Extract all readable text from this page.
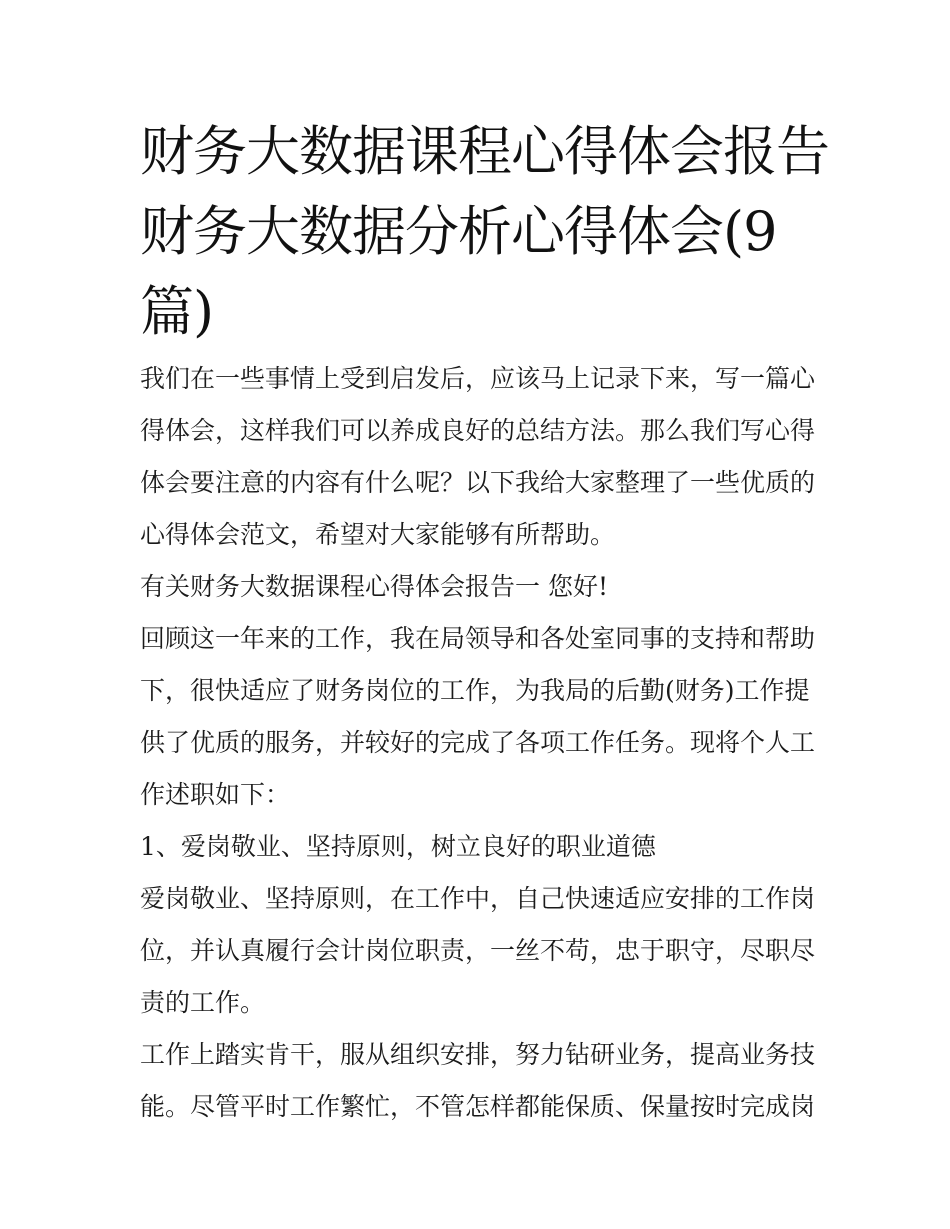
财务大数据课程心得体会报告
财务大数据分析心得体会(9
篇)

我们在一些事情上受到启发后，应该马上记录下来，写一篇心
得体会，这样我们可以养成良好的总结方法。那么我们写心得
体会要注意的内容有什么呢？以下我给大家整理了一些优质的
心得体会范文，希望对大家能够有所帮助。

有关财务大数据课程心得体会报告一 您好!

回顾这一年来的工作，我在局领导和各处室同事的支持和帮助
下，很快适应了财务岗位的工作，为我局的后勤(财务)工作提
供了优质的服务，并较好的完成了各项工作任务。现将个人工
作述职如下：

1、爱岗敬业、坚持原则，树立良好的职业道德

爱岗敬业、坚持原则，在工作中，自己快速适应安排的工作岗
位，并认真履行会计岗位职责，一丝不苟，忠于职守，尽职尽
责的工作。

工作上踏实肯干，服从组织安排，努力钻研业务，提高业务技
能。尽管平时工作繁忙，不管怎样都能保质、保量按时完成岗
